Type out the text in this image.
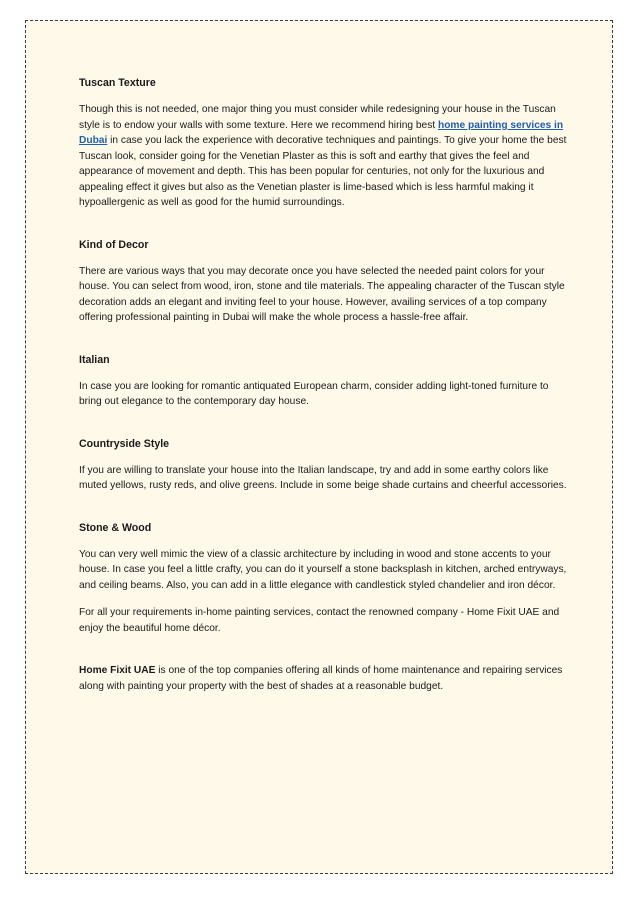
Tuscan Texture

Though this is not needed, one major thing you must consider while redesigning your house in the Tuscan style is to endow your walls with some texture. Here we recommend hiring best home painting services in Dubai in case you lack the experience with decorative techniques and paintings. To give your home the best Tuscan look, consider going for the Venetian Plaster as this is soft and earthy that gives the feel and appearance of movement and depth. This has been popular for centuries, not only for the luxurious and appealing effect it gives but also as the Venetian plaster is lime-based which is less harmful making it hypoallergenic as well as good for the humid surroundings.

Kind of Decor

There are various ways that you may decorate once you have selected the needed paint colors for your house. You can select from wood, iron, stone and tile materials. The appealing character of the Tuscan style decoration adds an elegant and inviting feel to your house. However, availing services of a top company offering professional painting in Dubai will make the whole process a hassle-free affair.

Italian

In case you are looking for romantic antiquated European charm, consider adding light-toned furniture to bring out elegance to the contemporary day house.

Countryside Style

If you are willing to translate your house into the Italian landscape, try and add in some earthy colors like muted yellows, rusty reds, and olive greens. Include in some beige shade curtains and cheerful accessories.

Stone & Wood

You can very well mimic the view of a classic architecture by including in wood and stone accents to your house. In case you feel a little crafty, you can do it yourself a stone backsplash in kitchen, arched entryways, and ceiling beams. Also, you can add in a little elegance with candlestick styled chandelier and iron décor.

For all your requirements in-home painting services, contact the renowned company - Home Fixit UAE and enjoy the beautiful home décor.

Home Fixit UAE is one of the top companies offering all kinds of home maintenance and repairing services along with painting your property with the best of shades at a reasonable budget.
